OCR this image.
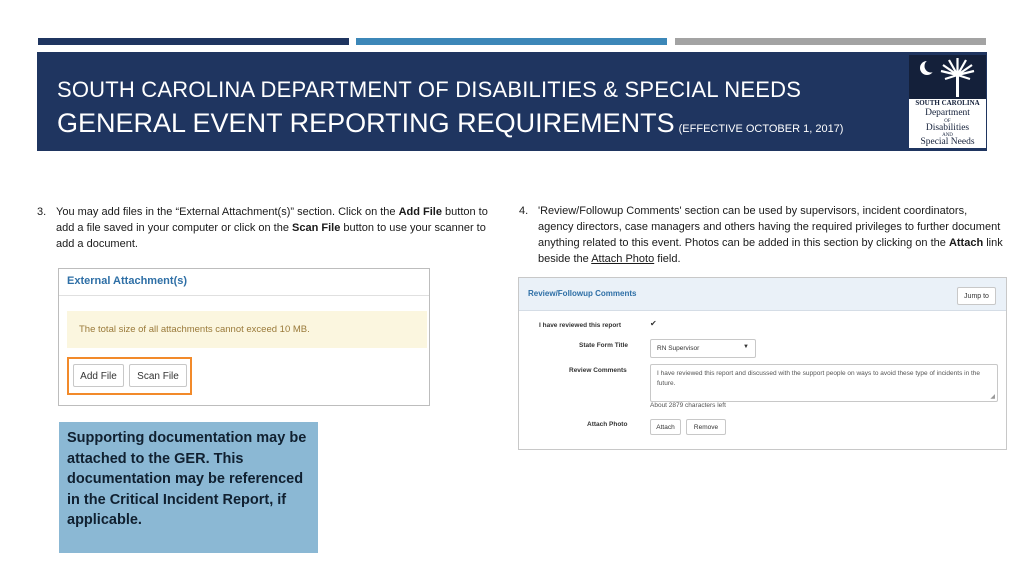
SOUTH CAROLINA DEPARTMENT OF DISABILITIES & SPECIAL NEEDS
GENERAL EVENT REPORTING REQUIREMENTS (EFFECTIVE OCTOBER 1, 2017)
SOUTH CAROLINA
Department
OF
Disabilities
AND
Special Needs
3. You may add files in the “External Attachment(s)” section. Click on the Add File button to add a file saved in your computer or click on the Scan File button to use your scanner to add a document.
4. 'Review/Followup Comments' section can be used by supervisors, incident coordinators, agency directors, case managers and others having the required privileges to further document anything related to this event. Photos can be added in this section by clicking on the Attach link beside the Attach Photo field.
External Attachment(s)
The total size of all attachments cannot exceed 10 MB.
Add File	Scan File
Supporting documentation may be attached to the GER. This documentation may be referenced in the Critical Incident Report, if applicable.
Review/Followup Comments	Jump to
I have reviewed this report	✔
State Form Title	RN Supervisor	▼
Review Comments	I have reviewed this report and discussed with the support people on ways to avoid these type of incidents in the future.
◢
About 2879 characters left
Attach Photo	Attach	Remove
